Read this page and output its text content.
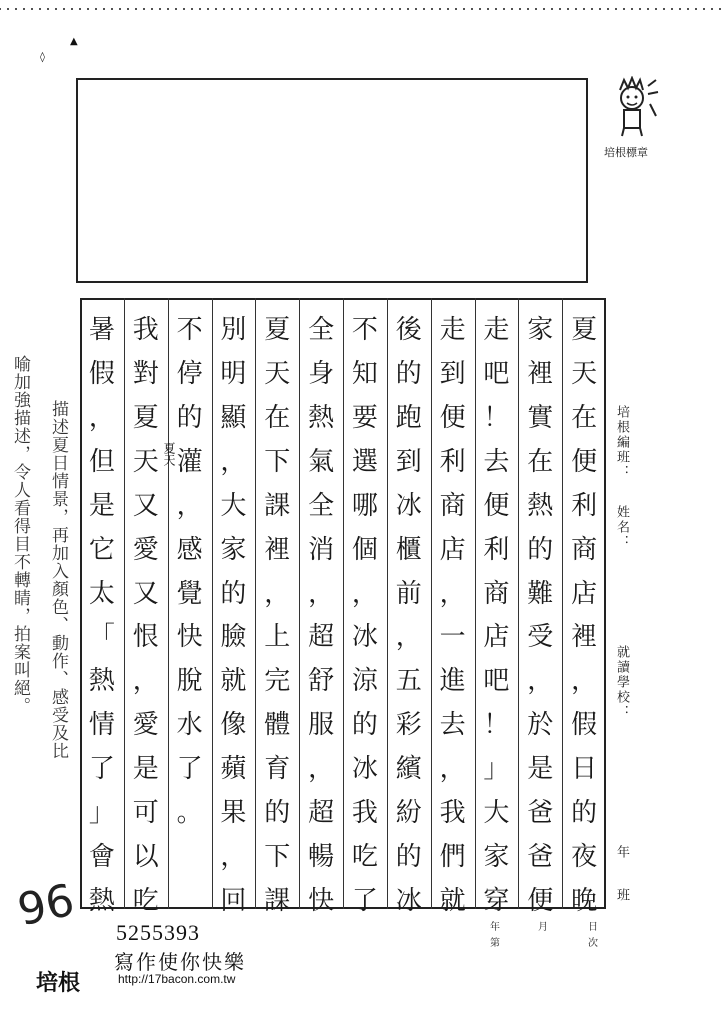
◊
▲
培根標章
培根編班：
姓名：
就讀學校：
年班
夏
天
在
便
利
商
店
裡
，
假
日
的
夜
晚
家
裡
實
在
熱
的
難
受
，
於
是
爸
爸
便
走
吧
！
去
便
利
商
店
吧
！
」
大
家
穿
走
到
便
利
商
店
，
一
進
去
，
我
們
就
後
的
跑
到
冰
櫃
前
，
五
彩
繽
紛
的
冰
不
知
要
選
哪
個
，
冰
涼
的
冰
我
吃
了
全
身
熱
氣
全
消
，
超
舒
服
，
超
暢
快
夏
天
在
下
課
裡
，
上
完
體
育
的
下
課
別
明
顯
，
大
家
的
臉
就
像
蘋
果
，
回
不
停
的
灌
，
感
覺
快
脫
水
了
。
我
對
夏
天
又
愛
又
恨
，
愛
是
可
以
吃
暑
假
，
但
是
它
太
「
熱
情
了
」
會
熱
夏天
描述夏日情景，再加入顏色、動作、感受及比
喻加強描述，令人看得目不轉睛，拍案叫絕。
96	年	月	日
第	次
5255393
寫作使你快樂
http://17bacon.com.tw
培根
